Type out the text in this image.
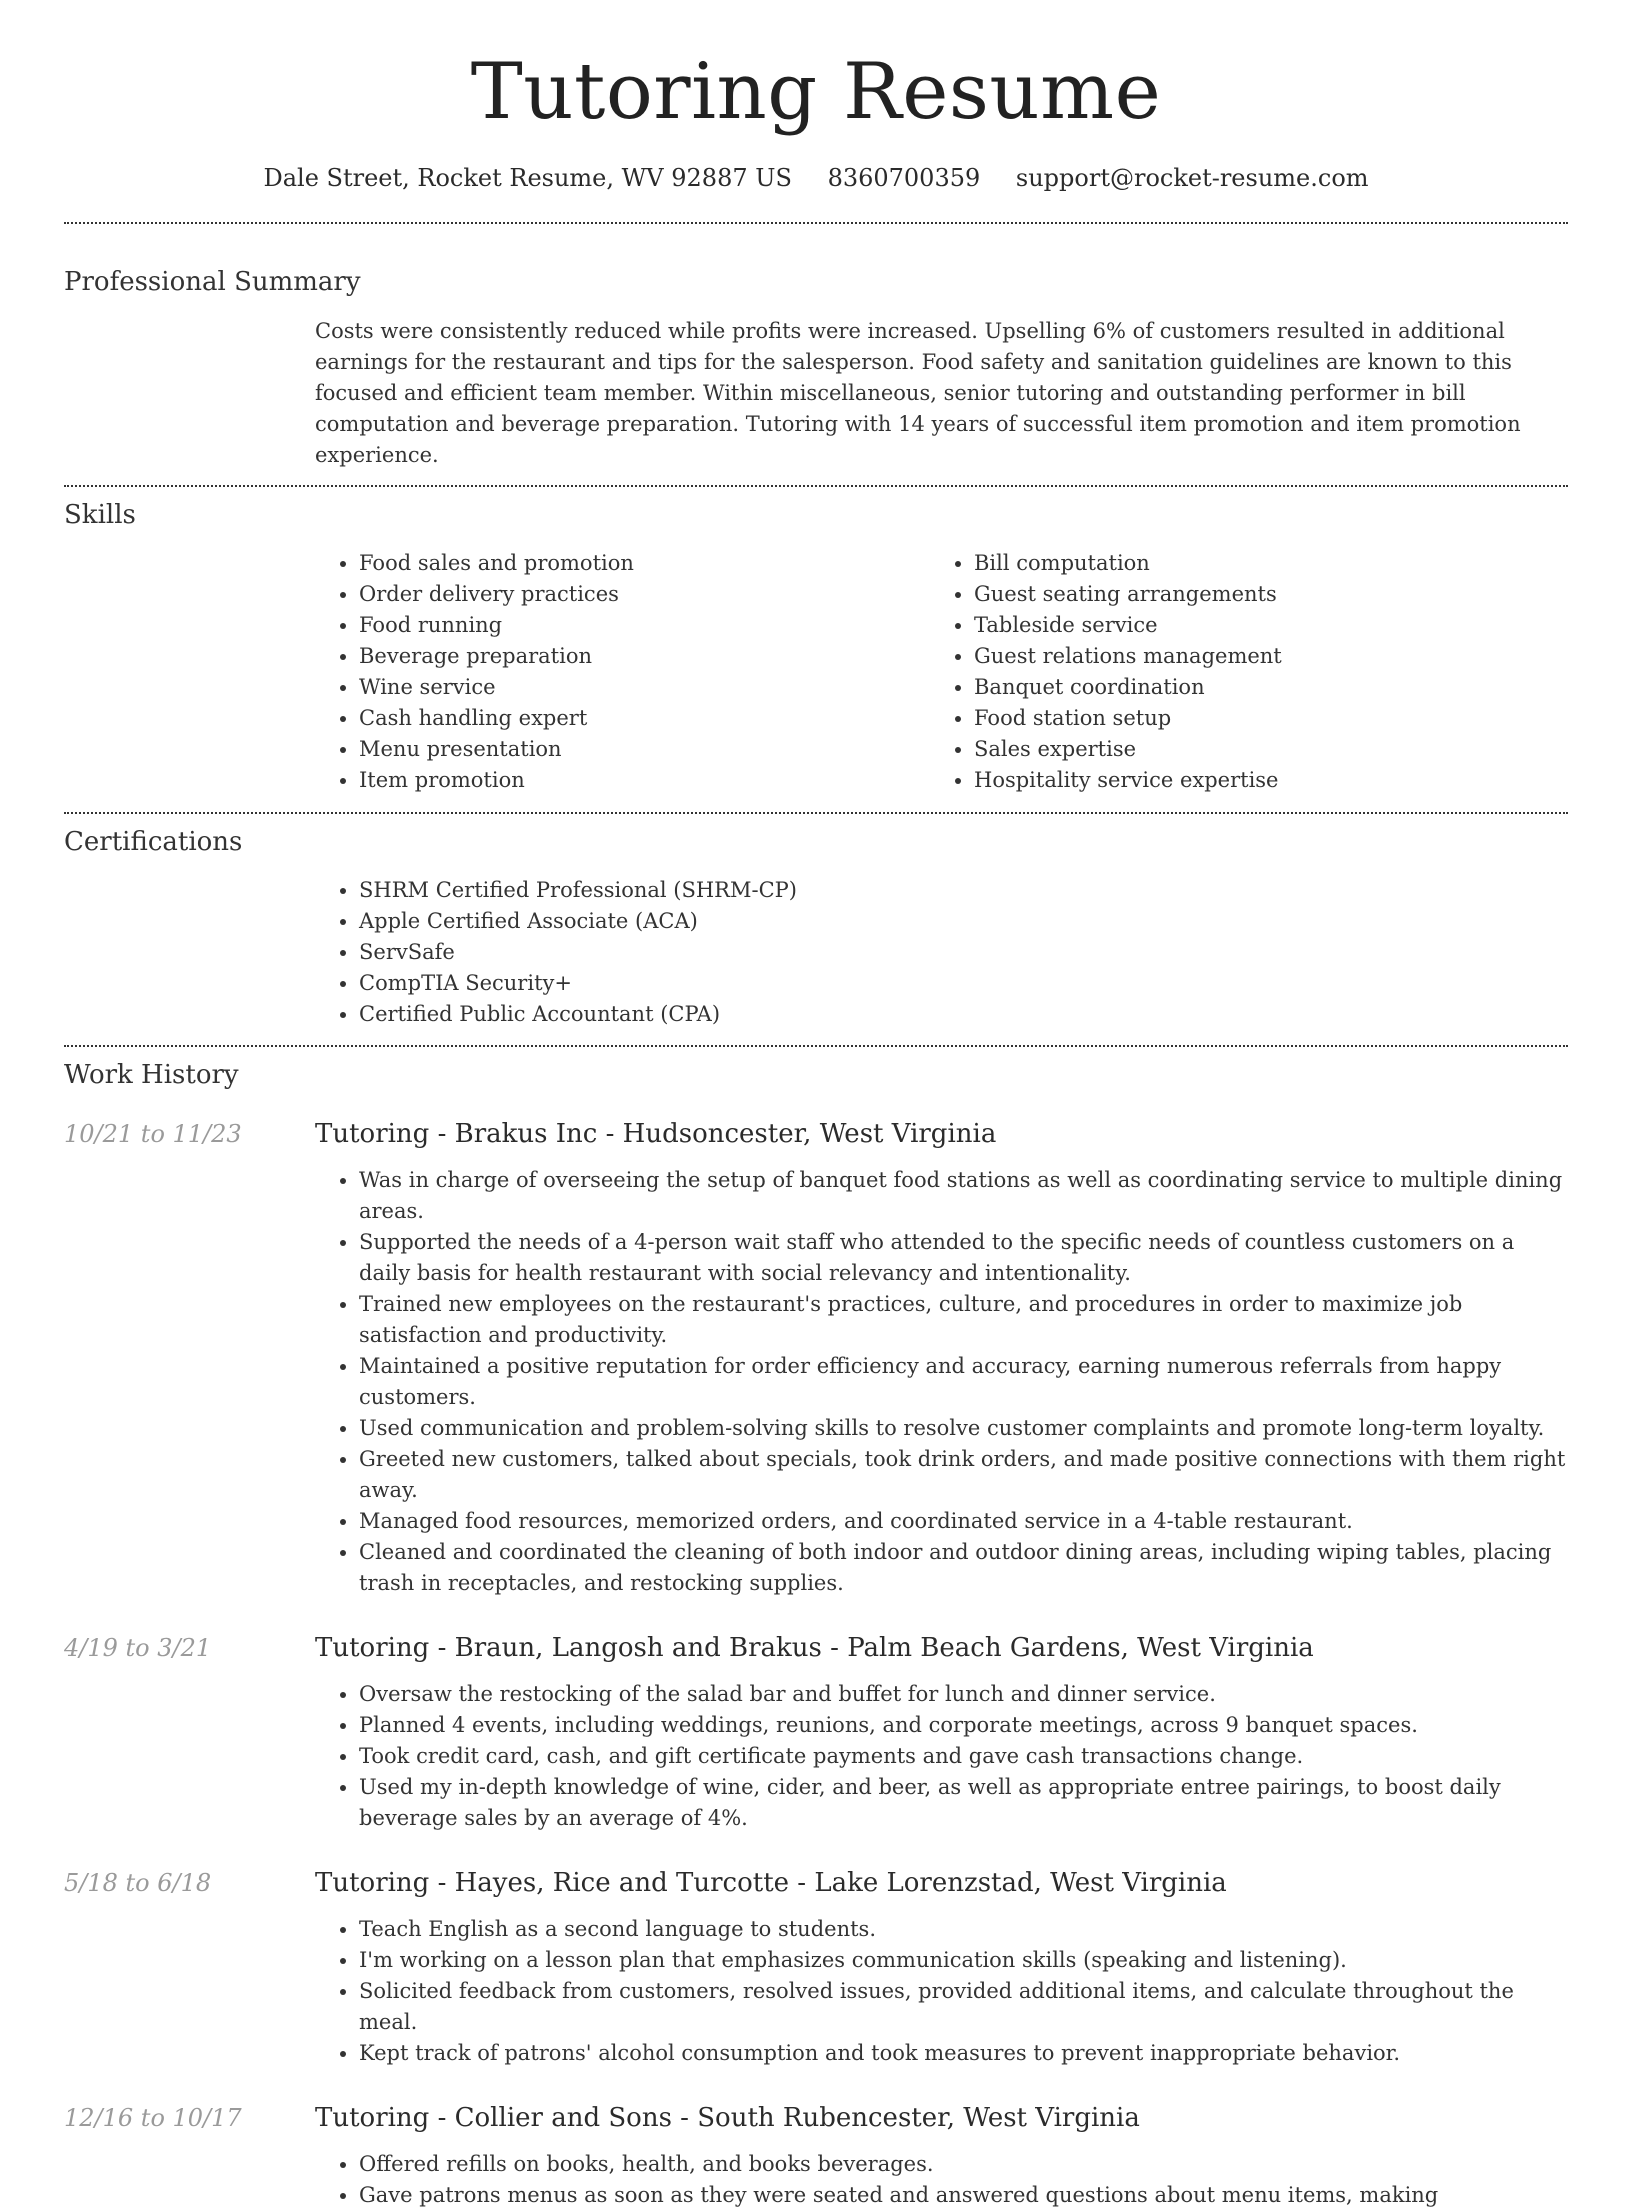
Tutoring Resume
Dale Street, Rocket Resume, WV 92887 US 8360700359 support@rocket-resume.com
Professional Summary
Costs were consistently reduced while profits were increased. Upselling 6% of customers resulted in additional earnings for the restaurant and tips for the salesperson. Food safety and sanitation guidelines are known to this focused and efficient team member. Within miscellaneous, senior tutoring and outstanding performer in bill computation and beverage preparation. Tutoring with 14 years of successful item promotion and item promotion experience.
Skills
• Food sales and promotion
• Order delivery practices
• Food running
• Beverage preparation
• Wine service
• Cash handling expert
• Menu presentation
• Item promotion
• Bill computation
• Guest seating arrangements
• Tableside service
• Guest relations management
• Banquet coordination
• Food station setup
• Sales expertise
• Hospitality service expertise
Certifications
• SHRM Certified Professional (SHRM-CP)
• Apple Certified Associate (ACA)
• ServSafe
• CompTIA Security+
• Certified Public Accountant (CPA)
Work History
10/21 to 11/23	Tutoring - Brakus Inc - Hudsoncester, West Virginia
• Was in charge of overseeing the setup of banquet food stations as well as coordinating service to multiple dining areas.
• Supported the needs of a 4-person wait staff who attended to the specific needs of countless customers on a daily basis for health restaurant with social relevancy and intentionality.
• Trained new employees on the restaurant's practices, culture, and procedures in order to maximize job satisfaction and productivity.
• Maintained a positive reputation for order efficiency and accuracy, earning numerous referrals from happy customers.
• Used communication and problem-solving skills to resolve customer complaints and promote long-term loyalty.
• Greeted new customers, talked about specials, took drink orders, and made positive connections with them right away.
• Managed food resources, memorized orders, and coordinated service in a 4-table restaurant.
• Cleaned and coordinated the cleaning of both indoor and outdoor dining areas, including wiping tables, placing trash in receptacles, and restocking supplies.
4/19 to 3/21	Tutoring - Braun, Langosh and Brakus - Palm Beach Gardens, West Virginia
• Oversaw the restocking of the salad bar and buffet for lunch and dinner service.
• Planned 4 events, including weddings, reunions, and corporate meetings, across 9 banquet spaces.
• Took credit card, cash, and gift certificate payments and gave cash transactions change.
• Used my in-depth knowledge of wine, cider, and beer, as well as appropriate entree pairings, to boost daily beverage sales by an average of 4%.
5/18 to 6/18	Tutoring - Hayes, Rice and Turcotte - Lake Lorenzstad, West Virginia
• Teach English as a second language to students.
• I'm working on a lesson plan that emphasizes communication skills (speaking and listening).
• Solicited feedback from customers, resolved issues, provided additional items, and calculate throughout the meal.
• Kept track of patrons' alcohol consumption and took measures to prevent inappropriate behavior.
12/16 to 10/17	Tutoring - Collier and Sons - South Rubencester, West Virginia
• Offered refills on books, health, and books beverages.
• Gave patrons menus as soon as they were seated and answered questions about menu items, making
